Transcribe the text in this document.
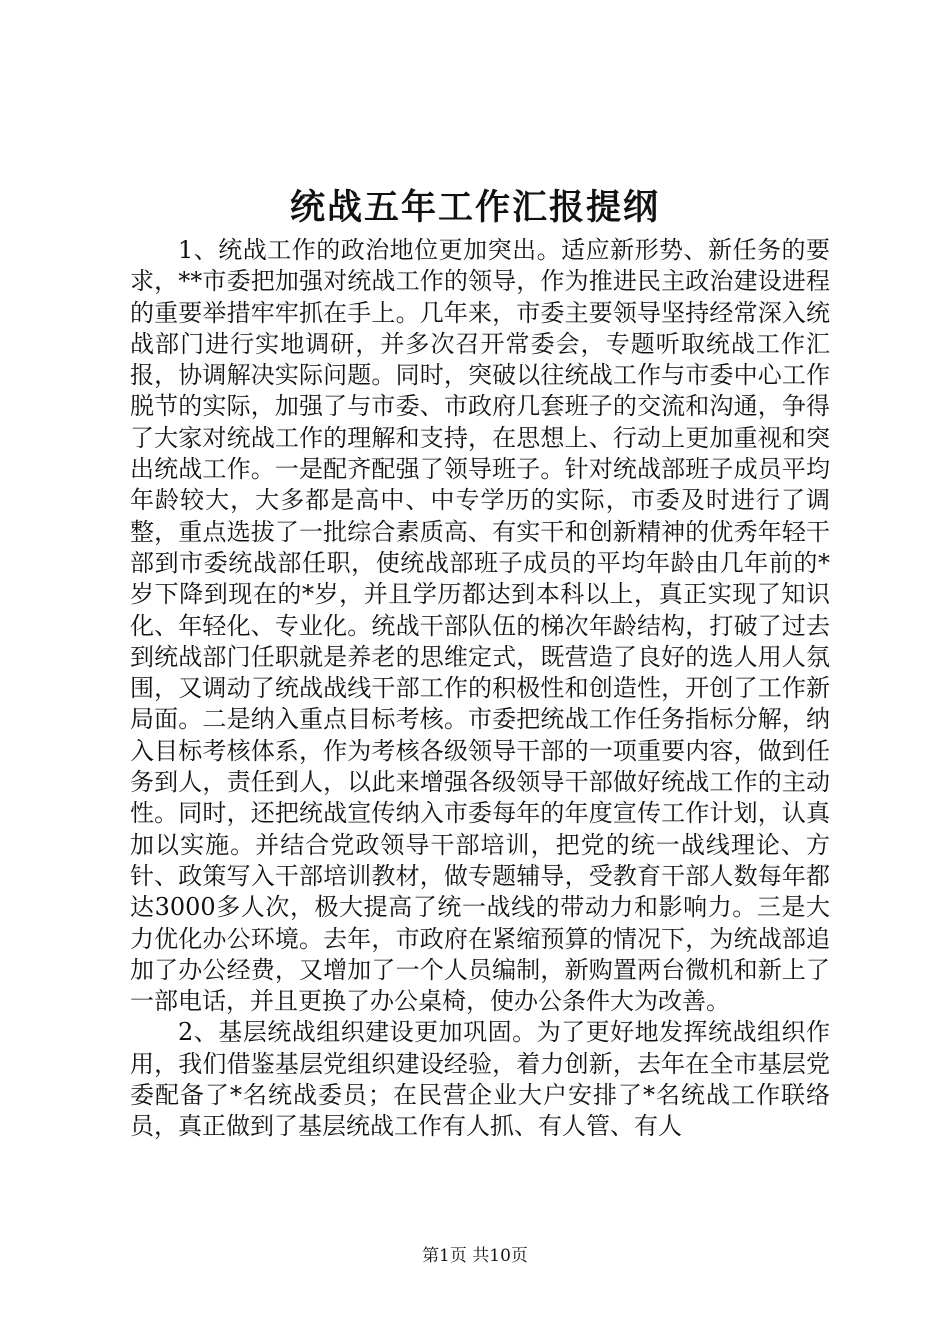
统战五年工作汇报提纲

1、统战工作的政治地位更加突出。适应新形势、新任务的要求，**市委把加强对统战工作的领导，作为推进民主政治建设进程的重要举措牢牢抓在手上。几年来，市委主要领导坚持经常深入统战部门进行实地调研，并多次召开常委会，专题听取统战工作汇报，协调解决实际问题。同时，突破以往统战工作与市委中心工作脱节的实际，加强了与市委、市政府几套班子的交流和沟通，争得了大家对统战工作的理解和支持，在思想上、行动上更加重视和突出统战工作。一是配齐配强了领导班子。针对统战部班子成员平均年龄较大，大多都是高中、中专学历的实际，市委及时进行了调整，重点选拔了一批综合素质高、有实干和创新精神的优秀年轻干部到市委统战部任职，使统战部班子成员的平均年龄由几年前的*岁下降到现在的*岁，并且学历都达到本科以上，真正实现了知识化、年轻化、专业化。统战干部队伍的梯次年龄结构，打破了过去到统战部门任职就是养老的思维定式，既营造了良好的选人用人氛围，又调动了统战战线干部工作的积极性和创造性，开创了工作新局面。二是纳入重点目标考核。市委把统战工作任务指标分解，纳入目标考核体系，作为考核各级领导干部的一项重要内容，做到任务到人，责任到人，以此来增强各级领导干部做好统战工作的主动性。同时，还把统战宣传纳入市委每年的年度宣传工作计划，认真加以实施。并结合党政领导干部培训，把党的统一战线理论、方针、政策写入干部培训教材，做专题辅导，受教育干部人数每年都达3000多人次，极大提高了统一战线的带动力和影响力。三是大力优化办公环境。去年，市政府在紧缩预算的情况下，为统战部追加了办公经费，又增加了一个人员编制，新购置两台微机和新上了一部电话，并且更换了办公桌椅，使办公条件大为改善。

2、基层统战组织建设更加巩固。为了更好地发挥统战组织作用，我们借鉴基层党组织建设经验，着力创新，去年在全市基层党委配备了*名统战委员；在民营企业大户安排了*名统战工作联络员，真正做到了基层统战工作有人抓、有人管、有人

第1页 共10页
